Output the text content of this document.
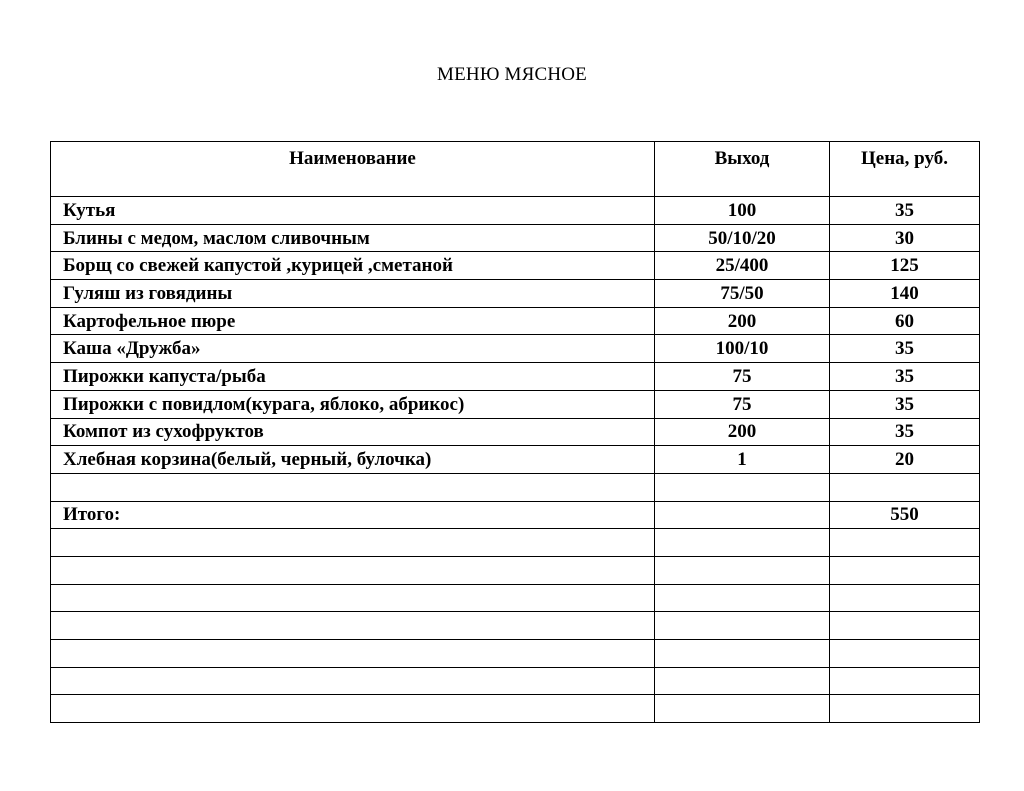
МЕНЮ МЯСНОЕ
Наименование	Выход	Цена, руб.
Кутья	100	35
Блины с медом, маслом сливочным	50/10/20	30
Борщ со свежей капустой ,курицей ,сметаной	25/400	125
Гуляш из говядины	75/50	140
Картофельное пюре	200	60
Каша «Дружба»	100/10	35
Пирожки капуста/рыба	75	35
Пирожки с повидлом(курага, яблоко, абрикос)	75	35
Компот из сухофруктов	200	35
Хлебная корзина(белый, черный, булочка)	1	20

Итого:		550
